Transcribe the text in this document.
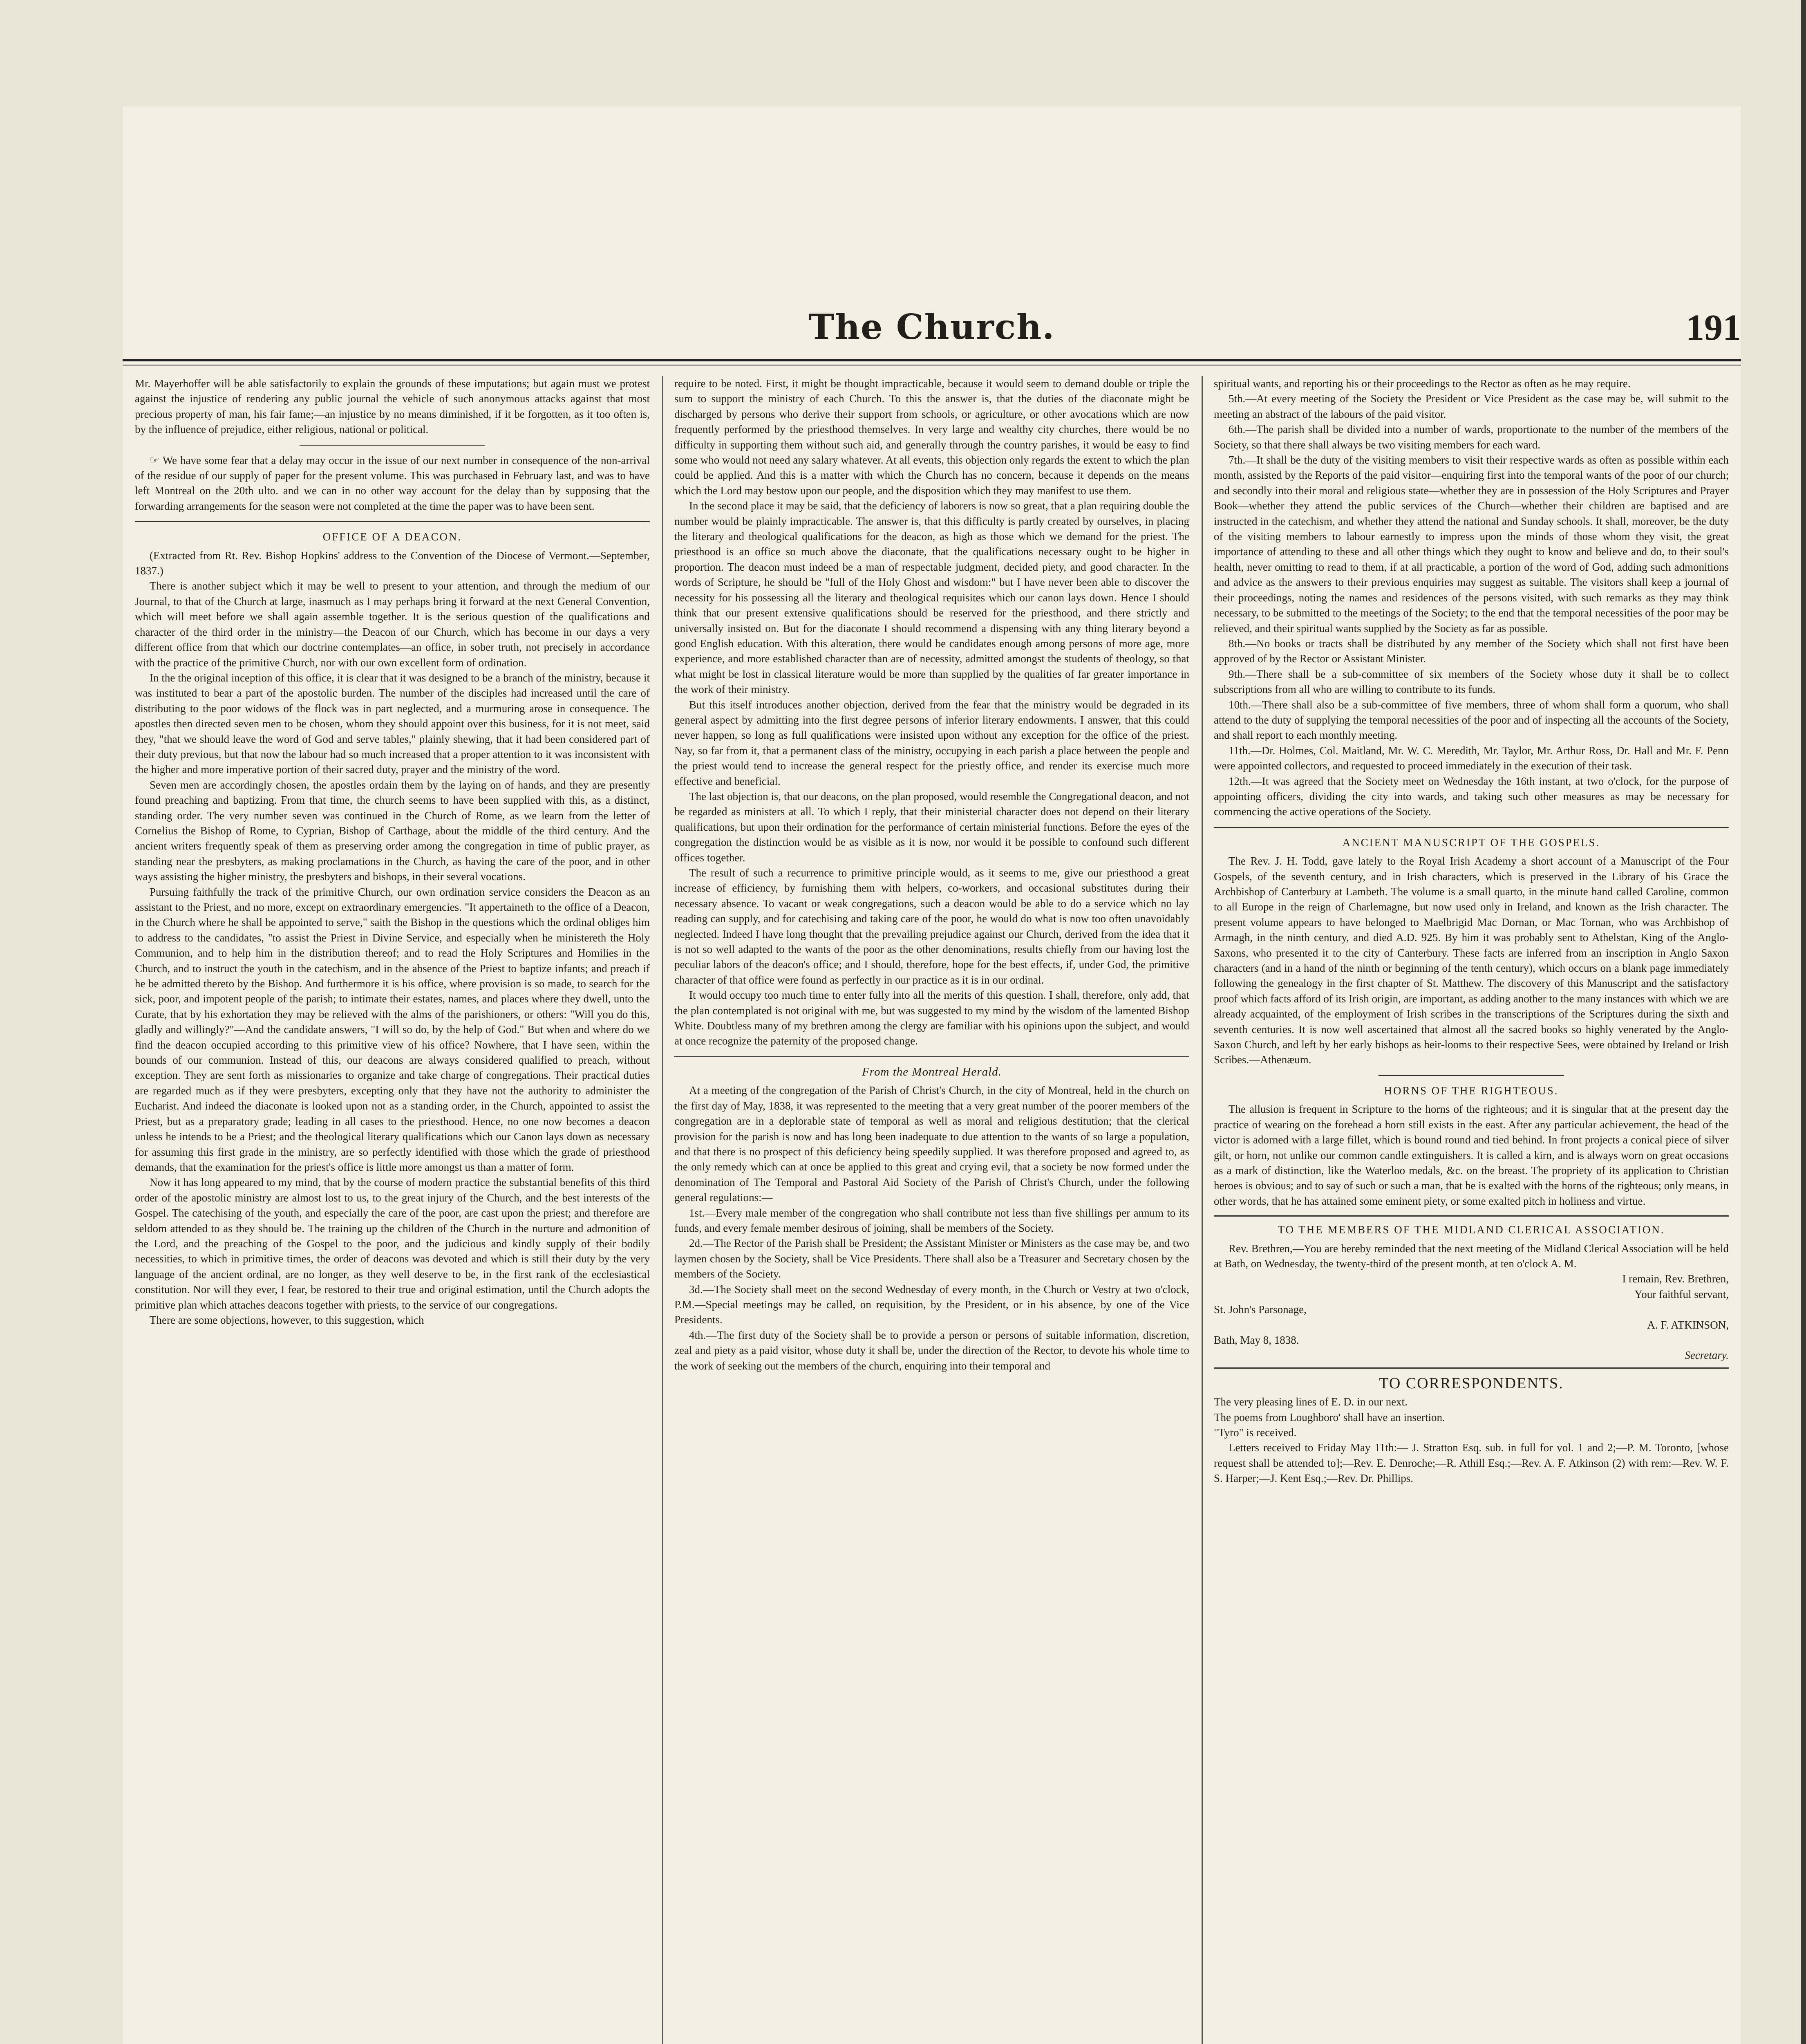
The Church.	191

Mr. Mayerhoffer will be able satisfactorily to explain the grounds of these imputations; but again must we protest against the injustice of rendering any public journal the vehicle of such anonymous attacks against that most precious property of man, his fair fame;—an injustice by no means diminished, if it be forgotten, as it too often is, by the influence of prejudice, either religious, national or political.

☞ We have some fear that a delay may occur in the issue of our next number in consequence of the non-arrival of the residue of our supply of paper for the present volume. This was purchased in February last, and was to have left Montreal on the 20th ulto. and we can in no other way account for the delay than by supposing that the forwarding arrangements for the season were not completed at the time the paper was to have been sent.

OFFICE OF A DEACON.

(Extracted from Rt. Rev. Bishop Hopkins' address to the Convention of the Diocese of Vermont.—September, 1837.)

There is another subject which it may be well to present to your attention, and through the medium of our Journal, to that of the Church at large, inasmuch as I may perhaps bring it forward at the next General Convention, which will meet before we shall again assemble together. It is the serious question of the qualifications and character of the third order in the ministry—the Deacon of our Church, which has become in our days a very different office from that which our doctrine contemplates—an office, in sober truth, not precisely in accordance with the practice of the primitive Church, nor with our own excellent form of ordination.

In the the original inception of this office, it is clear that it was designed to be a branch of the ministry, because it was instituted to bear a part of the apostolic burden. The number of the disciples had increased until the care of distributing to the poor widows of the flock was in part neglected, and a murmuring arose in consequence. The apostles then directed seven men to be chosen, whom they should appoint over this business, for it is not meet, said they, "that we should leave the word of God and serve tables," plainly shewing, that it had been considered part of their duty previous, but that now the labour had so much increased that a proper attention to it was inconsistent with the higher and more imperative portion of their sacred duty, prayer and the ministry of the word.

Seven men are accordingly chosen, the apostles ordain them by the laying on of hands, and they are presently found preaching and baptizing. From that time, the church seems to have been supplied with this, as a distinct, standing order. The very number seven was continued in the Church of Rome, as we learn from the letter of Cornelius the Bishop of Rome, to Cyprian, Bishop of Carthage, about the middle of the third century. And the ancient writers frequently speak of them as preserving order among the congregation in time of public prayer, as standing near the presbyters, as making proclamations in the Church, as having the care of the poor, and in other ways assisting the higher ministry, the presbyters and bishops, in their several vocations.

Pursuing faithfully the track of the primitive Church, our own ordination service considers the Deacon as an assistant to the Priest, and no more, except on extraordinary emergencies. "It appertaineth to the office of a Deacon, in the Church where he shall be appointed to serve," saith the Bishop in the questions which the ordinal obliges him to address to the candidates, "to assist the Priest in Divine Service, and especially when he ministereth the Holy Communion, and to help him in the distribution thereof; and to read the Holy Scriptures and Homilies in the Church, and to instruct the youth in the catechism, and in the absence of the Priest to baptize infants; and preach if he be admitted thereto by the Bishop. And furthermore it is his office, where provision is so made, to search for the sick, poor, and impotent people of the parish; to intimate their estates, names, and places where they dwell, unto the Curate, that by his exhortation they may be relieved with the alms of the parishioners, or others: "Will you do this, gladly and willingly?"—And the candidate answers, "I will so do, by the help of God." But when and where do we find the deacon occupied according to this primitive view of his office? Nowhere, that I have seen, within the bounds of our communion. Instead of this, our deacons are always considered qualified to preach, without exception. They are sent forth as missionaries to organize and take charge of congregations. Their practical duties are regarded much as if they were presbyters, excepting only that they have not the authority to administer the Eucharist. And indeed the diaconate is looked upon not as a standing order, in the Church, appointed to assist the Priest, but as a preparatory grade; leading in all cases to the priesthood. Hence, no one now becomes a deacon unless he intends to be a Priest; and the theological literary qualifications which our Canon lays down as necessary for assuming this first grade in the ministry, are so perfectly identified with those which the grade of priesthood demands, that the examination for the priest's office is little more amongst us than a matter of form.

Now it has long appeared to my mind, that by the course of modern practice the substantial benefits of this third order of the apostolic ministry are almost lost to us, to the great injury of the Church, and the best interests of the Gospel. The catechising of the youth, and especially the care of the poor, are cast upon the priest; and therefore are seldom attended to as they should be. The training up the children of the Church in the nurture and admonition of the Lord, and the preaching of the Gospel to the poor, and the judicious and kindly supply of their bodily necessities, to which in primitive times, the order of deacons was devoted and which is still their duty by the very language of the ancient ordinal, are no longer, as they well deserve to be, in the first rank of the ecclesiastical constitution. Nor will they ever, I fear, be restored to their true and original estimation, until the Church adopts the primitive plan which attaches deacons together with priests, to the service of our congregations.

There are some objections, however, to this suggestion, which

require to be noted. First, it might be thought impracticable, because it would seem to demand double or triple the sum to support the ministry of each Church. To this the answer is, that the duties of the diaconate might be discharged by persons who derive their support from schools, or agriculture, or other avocations which are now frequently performed by the priesthood themselves. In very large and wealthy city churches, there would be no difficulty in supporting them without such aid, and generally through the country parishes, it would be easy to find some who would not need any salary whatever. At all events, this objection only regards the extent to which the plan could be applied. And this is a matter with which the Church has no concern, because it depends on the means which the Lord may bestow upon our people, and the disposition which they may manifest to use them.

In the second place it may be said, that the deficiency of laborers is now so great, that a plan requiring double the number would be plainly impracticable. The answer is, that this difficulty is partly created by ourselves, in placing the literary and theological qualifications for the deacon, as high as those which we demand for the priest. The priesthood is an office so much above the diaconate, that the qualifications necessary ought to be higher in proportion. The deacon must indeed be a man of respectable judgment, decided piety, and good character. In the words of Scripture, he should be "full of the Holy Ghost and wisdom:" but I have never been able to discover the necessity for his possessing all the literary and theological requisites which our canon lays down. Hence I should think that our present extensive qualifications should be reserved for the priesthood, and there strictly and universally insisted on. But for the diaconate I should recommend a dispensing with any thing literary beyond a good English education. With this alteration, there would be candidates enough among persons of more age, more experience, and more established character than are of necessity, admitted amongst the students of theology, so that what might be lost in classical literature would be more than supplied by the qualities of far greater importance in the work of their ministry.

But this itself introduces another objection, derived from the fear that the ministry would be degraded in its general aspect by admitting into the first degree persons of inferior literary endowments. I answer, that this could never happen, so long as full qualifications were insisted upon without any exception for the office of the priest. Nay, so far from it, that a permanent class of the ministry, occupying in each parish a place between the people and the priest would tend to increase the general respect for the priestly office, and render its exercise much more effective and beneficial.

The last objection is, that our deacons, on the plan proposed, would resemble the Congregational deacon, and not be regarded as ministers at all. To which I reply, that their ministerial character does not depend on their literary qualifications, but upon their ordination for the performance of certain ministerial functions. Before the eyes of the congregation the distinction would be as visible as it is now, nor would it be possible to confound such different offices together.

The result of such a recurrence to primitive principle would, as it seems to me, give our priesthood a great increase of efficiency, by furnishing them with helpers, co-workers, and occasional substitutes during their necessary absence. To vacant or weak congregations, such a deacon would be able to do a service which no lay reading can supply, and for catechising and taking care of the poor, he would do what is now too often unavoidably neglected. Indeed I have long thought that the prevailing prejudice against our Church, derived from the idea that it is not so well adapted to the wants of the poor as the other denominations, results chiefly from our having lost the peculiar labors of the deacon's office; and I should, therefore, hope for the best effects, if, under God, the primitive character of that office were found as perfectly in our practice as it is in our ordinal.

It would occupy too much time to enter fully into all the merits of this question. I shall, therefore, only add, that the plan contemplated is not original with me, but was suggested to my mind by the wisdom of the lamented Bishop White. Doubtless many of my brethren among the clergy are familiar with his opinions upon the subject, and would at once recognize the paternity of the proposed change.

From the Montreal Herald.

At a meeting of the congregation of the Parish of Christ's Church, in the city of Montreal, held in the church on the first day of May, 1838, it was represented to the meeting that a very great number of the poorer members of the congregation are in a deplorable state of temporal as well as moral and religious destitution; that the clerical provision for the parish is now and has long been inadequate to due attention to the wants of so large a population, and that there is no prospect of this deficiency being speedily supplied. It was therefore proposed and agreed to, as the only remedy which can at once be applied to this great and crying evil, that a society be now formed under the denomination of The Temporal and Pastoral Aid Society of the Parish of Christ's Church, under the following general regulations:—

1st.—Every male member of the congregation who shall contribute not less than five shillings per annum to its funds, and every female member desirous of joining, shall be members of the Society.

2d.—The Rector of the Parish shall be President; the Assistant Minister or Ministers as the case may be, and two laymen chosen by the Society, shall be Vice Presidents. There shall also be a Treasurer and Secretary chosen by the members of the Society.

3d.—The Society shall meet on the second Wednesday of every month, in the Church or Vestry at two o'clock, P.M.—Special meetings may be called, on requisition, by the President, or in his absence, by one of the Vice Presidents.

4th.—The first duty of the Society shall be to provide a person or persons of suitable information, discretion, zeal and piety as a paid visitor, whose duty it shall be, under the direction of the Rector, to devote his whole time to the work of seeking out the members of the church, enquiring into their temporal and

spiritual wants, and reporting his or their proceedings to the Rector as often as he may require.

5th.—At every meeting of the Society the President or Vice President as the case may be, will submit to the meeting an abstract of the labours of the paid visitor.

6th.—The parish shall be divided into a number of wards, proportionate to the number of the members of the Society, so that there shall always be two visiting members for each ward.

7th.—It shall be the duty of the visiting members to visit their respective wards as often as possible within each month, assisted by the Reports of the paid visitor—enquiring first into the temporal wants of the poor of our church; and secondly into their moral and religious state—whether they are in possession of the Holy Scriptures and Prayer Book—whether they attend the public services of the Church—whether their children are baptised and are instructed in the catechism, and whether they attend the national and Sunday schools. It shall, moreover, be the duty of the visiting members to labour earnestly to impress upon the minds of those whom they visit, the great importance of attending to these and all other things which they ought to know and believe and do, to their soul's health, never omitting to read to them, if at all practicable, a portion of the word of God, adding such admonitions and advice as the answers to their previous enquiries may suggest as suitable. The visitors shall keep a journal of their proceedings, noting the names and residences of the persons visited, with such remarks as they may think necessary, to be submitted to the meetings of the Society; to the end that the temporal necessities of the poor may be relieved, and their spiritual wants supplied by the Society as far as possible.

8th.—No books or tracts shall be distributed by any member of the Society which shall not first have been approved of by the Rector or Assistant Minister.

9th.—There shall be a sub-committee of six members of the Society whose duty it shall be to collect subscriptions from all who are willing to contribute to its funds.

10th.—There shall also be a sub-committee of five members, three of whom shall form a quorum, who shall attend to the duty of supplying the temporal necessities of the poor and of inspecting all the accounts of the Society, and shall report to each monthly meeting.

11th.—Dr. Holmes, Col. Maitland, Mr. W. C. Meredith, Mr. Taylor, Mr. Arthur Ross, Dr. Hall and Mr. F. Penn were appointed collectors, and requested to proceed immediately in the execution of their task.

12th.—It was agreed that the Society meet on Wednesday the 16th instant, at two o'clock, for the purpose of appointing officers, dividing the city into wards, and taking such other measures as may be necessary for commencing the active operations of the Society.

ANCIENT MANUSCRIPT OF THE GOSPELS.

The Rev. J. H. Todd, gave lately to the Royal Irish Academy a short account of a Manuscript of the Four Gospels, of the seventh century, and in Irish characters, which is preserved in the Library of his Grace the Archbishop of Canterbury at Lambeth. The volume is a small quarto, in the minute hand called Caroline, common to all Europe in the reign of Charlemagne, but now used only in Ireland, and known as the Irish character. The present volume appears to have belonged to Maelbrigid Mac Dornan, or Mac Tornan, who was Archbishop of Armagh, in the ninth century, and died A.D. 925. By him it was probably sent to Athelstan, King of the Anglo-Saxons, who presented it to the city of Canterbury. These facts are inferred from an inscription in Anglo Saxon characters (and in a hand of the ninth or beginning of the tenth century), which occurs on a blank page immediately following the genealogy in the first chapter of St. Matthew. The discovery of this Manuscript and the satisfactory proof which facts afford of its Irish origin, are important, as adding another to the many instances with which we are already acquainted, of the employment of Irish scribes in the transcriptions of the Scriptures during the sixth and seventh centuries. It is now well ascertained that almost all the sacred books so highly venerated by the Anglo-Saxon Church, and left by her early bishops as heir-looms to their respective Sees, were obtained by Ireland or Irish Scribes.—Athenæum.

HORNS OF THE RIGHTEOUS.

The allusion is frequent in Scripture to the horns of the righteous; and it is singular that at the present day the practice of wearing on the forehead a horn still exists in the east. After any particular achievement, the head of the victor is adorned with a large fillet, which is bound round and tied behind. In front projects a conical piece of silver gilt, or horn, not unlike our common candle extinguishers. It is called a kirn, and is always worn on great occasions as a mark of distinction, like the Waterloo medals, &c. on the breast. The propriety of its application to Christian heroes is obvious; and to say of such or such a man, that he is exalted with the horns of the righteous; only means, in other words, that he has attained some eminent piety, or some exalted pitch in holiness and virtue.

TO THE MEMBERS OF THE MIDLAND CLERICAL ASSOCIATION.

Rev. Brethren,—You are hereby reminded that the next meeting of the Midland Clerical Association will be held at Bath, on Wednesday, the twenty-third of the present month, at ten o'clock A. M.

I remain, Rev. Brethren,
Your faithful servant,

St. John's Parsonage,

A. F. ATKINSON,

Bath, May 8, 1838.

Secretary.
TO CORRESPONDENTS.

The very pleasing lines of E. D. in our next.

The poems from Loughboro' shall have an insertion.

"Tyro" is received.

Letters received to Friday May 11th:— J. Stratton Esq. sub. in full for vol. 1 and 2;—P. M. Toronto, [whose request shall be attended to];—Rev. E. Denroche;—R. Athill Esq.;—Rev. A. F. Atkinson (2) with rem:—Rev. W. F. S. Harper;—J. Kent Esq.;—Rev. Dr. Phillips.
